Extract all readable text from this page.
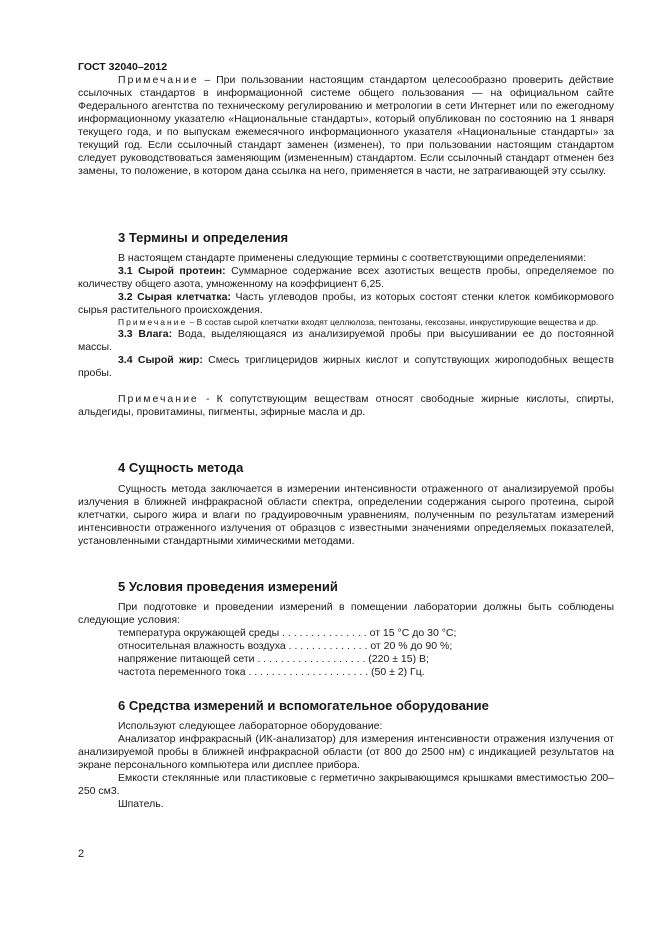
ГОСТ 32040–2012
Примечание – При пользовании настоящим стандартом целесообразно проверить действие ссылочных стандартов в информационной системе общего пользования — на официальном сайте Федерального агентства по техническому регулированию и метрологии в сети Интернет или по ежегодному информационному указателю «Национальные стандарты», который опубликован по состоянию на 1 января текущего года, и по выпускам ежемесячного информационного указателя «Национальные стандарты» за текущий год. Если ссылочный стандарт заменен (изменен), то при пользовании настоящим стандартом следует руководствоваться заменяющим (измененным) стандартом. Если ссылочный стандарт отменен без замены, то положение, в котором дана ссылка на него, применяется в части, не затрагивающей эту ссылку.
3 Термины и определения

В настоящем стандарте применены следующие термины с соответствующими определениями:

3.1 Сырой протеин: Суммарное содержание всех азотистых веществ пробы, определяемое по количеству общего азота, умноженному на коэффициент 6,25.

3.2 Сырая клетчатка: Часть углеводов пробы, из которых состоят стенки клеток комбикормового сырья растительного происхождения.

Примечание – В состав сырой клетчатки входят целлюлоза, пентозаны, гексозаны, инкрустирующие вещества и др.

3.3 Влага: Вода, выделяющаяся из анализируемой пробы при высушивании ее до постоянной массы.

3.4 Сырой жир: Смесь триглицеридов жирных кислот и сопутствующих жироподобных веществ пробы.

Примечание - К сопутствующим веществам относят свободные жирные кислоты, спирты, альдегиды, провитамины, пигменты, эфирные масла и др.

4 Сущность метода
Сущность метода заключается в измерении интенсивности отраженного от анализируемой пробы излучения в ближней инфракрасной области спектра, определении содержания сырого протеина, сырой клетчатки, сырого жира и влаги по градуировочным уравнениям, полученным по результатам измерений интенсивности отраженного излучения от образцов с известными значениями определяемых показателей, установленными стандартными химическими методами.
5 Условия проведения измерений

При подготовке и проведении измерений в помещении лаборатории должны быть соблюдены следующие условия:

температура окружающей среды . . . . . . . . . . . . . . . от 15 °С до 30 °С;
относительная влажность воздуха . . . . . . . . . . . . . . от 20 % до 90 %;
напряжение питающей сети . . . . . . . . . . . . . . . . . . . (220 ± 15) В;
частота переменного тока . . . . . . . . . . . . . . . . . . . . . (50 ± 2) Гц.
6 Средства измерений и вспомогательное оборудование

Используют следующее лабораторное оборудование:

Анализатор инфракрасный (ИК-анализатор) для измерения интенсивности отражения излучения от анализируемой пробы в ближней инфракрасной области (от 800 до 2500 нм) с индикацией результатов на экране персонального компьютера или дисплее прибора.

Емкости стеклянные или пластиковые с герметично закрывающимся крышками вместимостью 200–250 см3.

Шпатель.

2
